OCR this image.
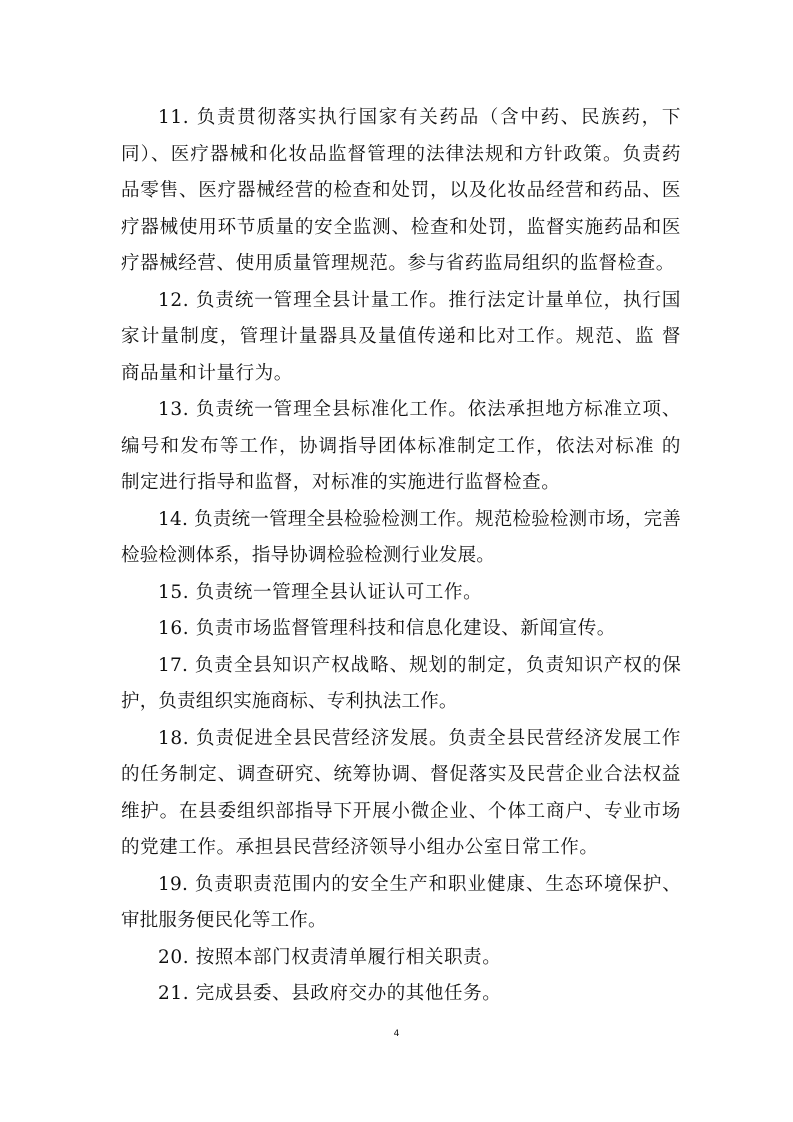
11. 负责贯彻落实执行国家有关药品（含中药、民族药，下同）、医疗器械和化妆品监督管理的法律法规和方针政策。负责药品零售、医疗器械经营的检查和处罚，以及化妆品经营和药品、医疗器械使用环节质量的安全监测、检查和处罚，监督实施药品和医疗器械经营、使用质量管理规范。参与省药监局组织的监督检查。

12. 负责统一管理全县计量工作。推行法定计量单位，执行国家计量制度，管理计量器具及量值传递和比对工作。规范、监 督商品量和计量行为。

13. 负责统一管理全县标准化工作。依法承担地方标准立项、编号和发布等工作，协调指导团体标准制定工作，依法对标准 的制定进行指导和监督，对标准的实施进行监督检查。

14. 负责统一管理全县检验检测工作。规范检验检测市场，完善 检验检测体系，指导协调检验检测行业发展。

15. 负责统一管理全县认证认可工作。

16. 负责市场监督管理科技和信息化建设、新闻宣传。

17. 负责全县知识产权战略、规划的制定，负责知识产权的保 护，负责组织实施商标、专利执法工作。

18. 负责促进全县民营经济发展。负责全县民营经济发展工作的任务制定、调查研究、统筹协调、督促落实及民营企业合法权益维护。在县委组织部指导下开展小微企业、个体工商户、专业市场的党建工作。承担县民营经济领导小组办公室日常工作。

19. 负责职责范围内的安全生产和职业健康、生态环境保护、 审批服务便民化等工作。

20. 按照本部门权责清单履行相关职责。

21. 完成县委、县政府交办的其他任务。

4
